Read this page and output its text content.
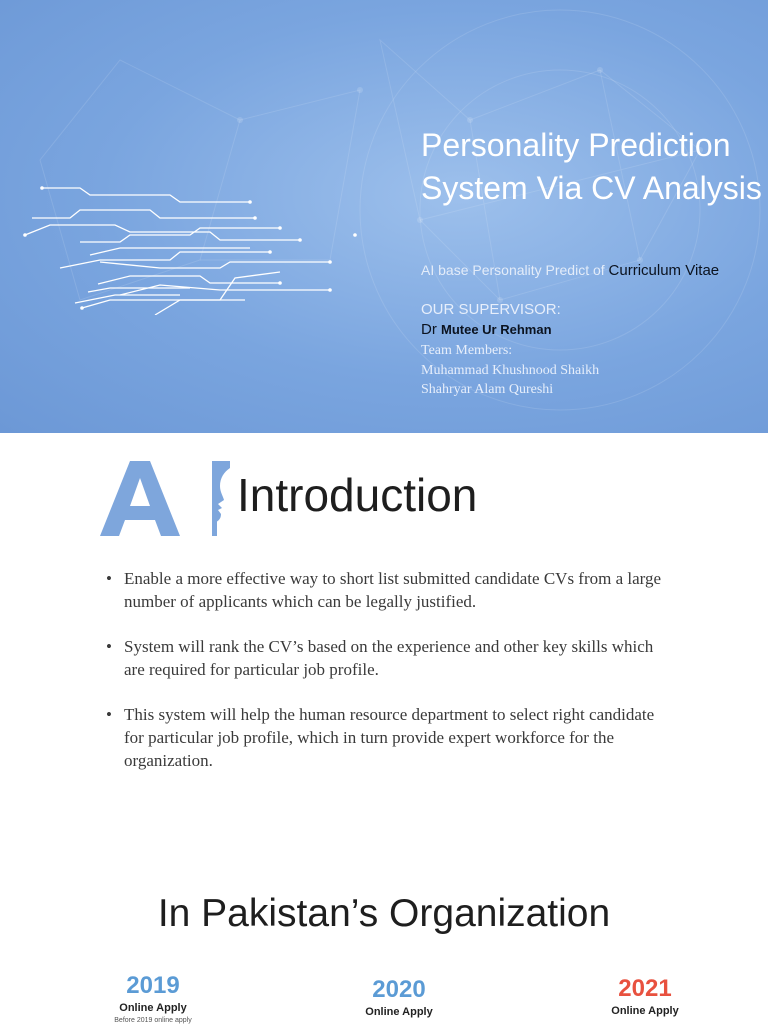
Personality Prediction System Via CV Analysis
AI base Personality Predict of Curriculum Vitae
OUR SUPERVISOR:
Dr Mutee Ur Rehman
Team Members:
Muhammad Khushnood Shaikh
Shahryar Alam Qureshi
Introduction
• Enable a more effective way to short list submitted candidate CVs from a large number of applicants which can be legally justified.
• System will rank the CV’s based on the experience and other key skills which are required for particular job profile.
• This system will help the human resource department to select right candidate for particular job profile, which in turn provide expert workforce for the organization.
In Pakistan’s Organization
2019
Online Apply
Before 2019 online apply
2020
Online Apply
2021
Online Apply
